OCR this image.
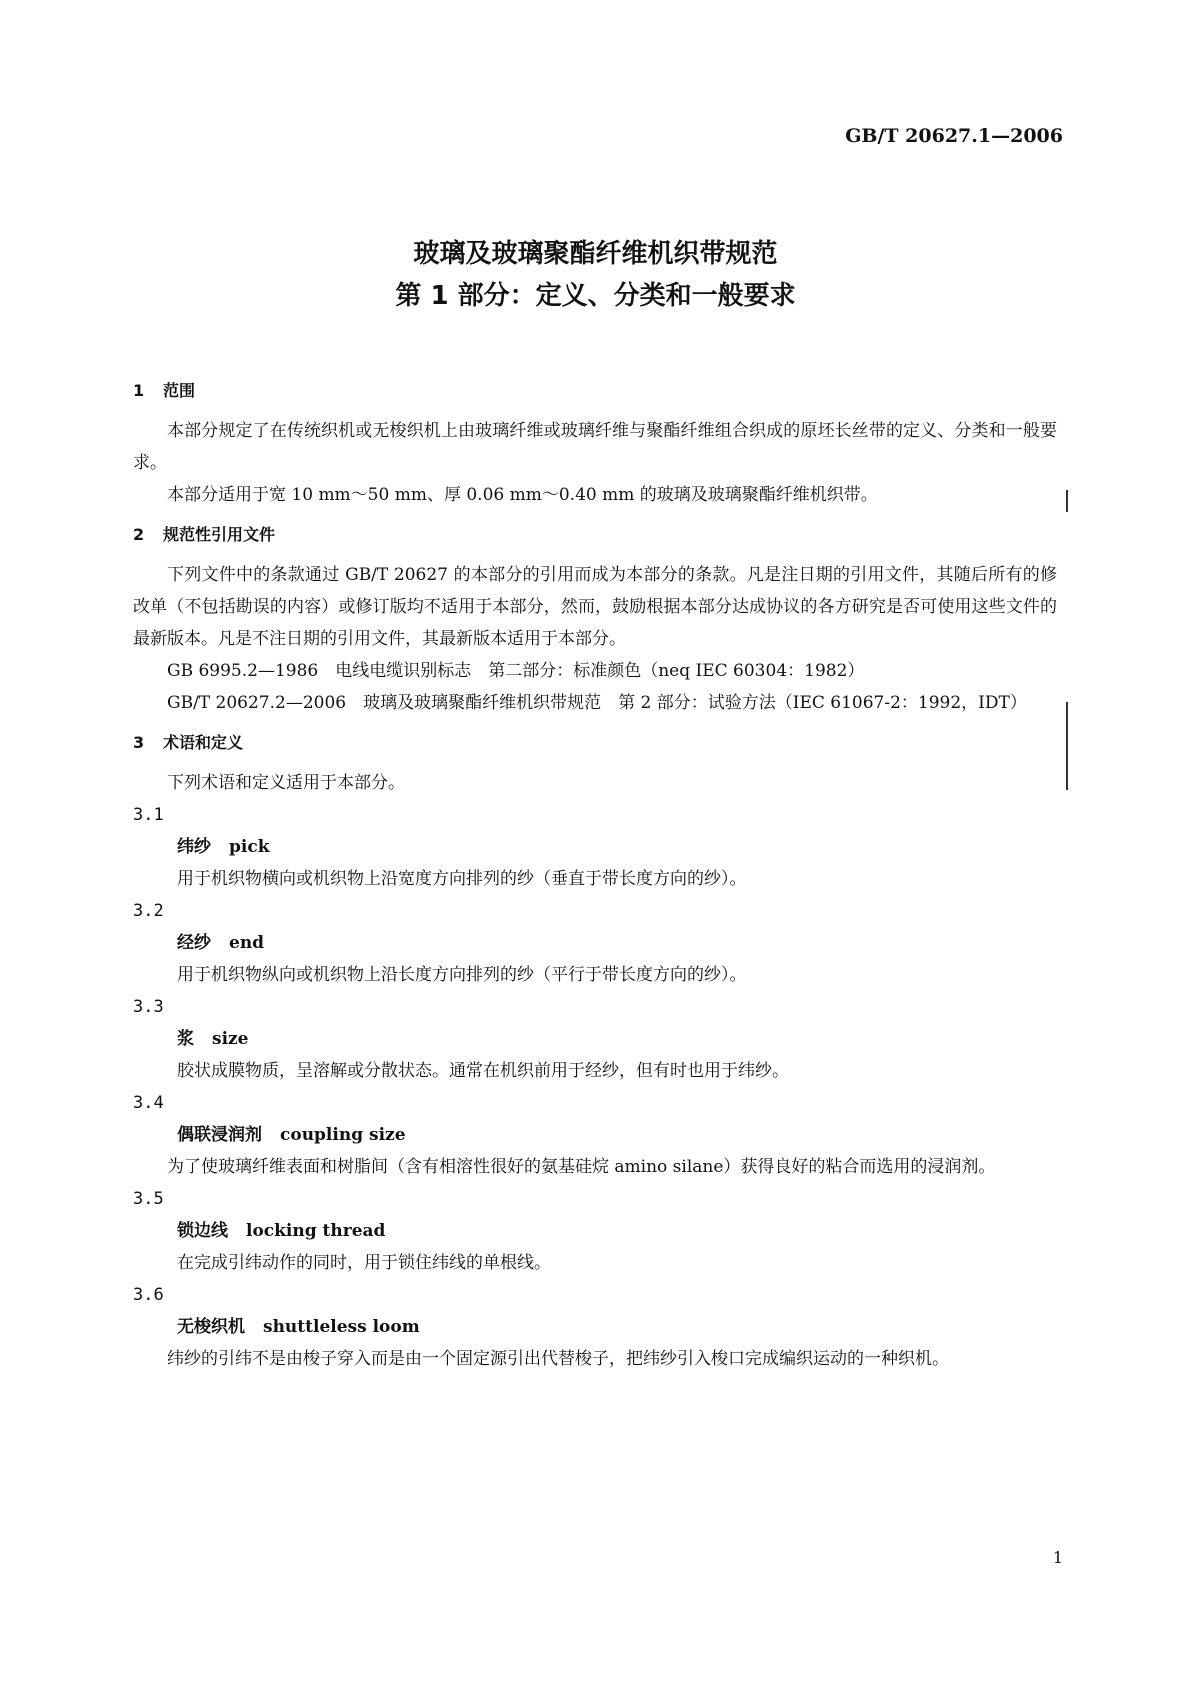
GB/T 20627.1—2006
玻璃及玻璃聚酯纤维机织带规范
第 1 部分：定义、分类和一般要求

1 范围

本部分规定了在传统织机或无梭织机上由玻璃纤维或玻璃纤维与聚酯纤维组合织成的原坯长丝带的定义、分类和一般要求。

本部分适用于宽 10 mm～50 mm、厚 0.06 mm～0.40 mm 的玻璃及玻璃聚酯纤维机织带。

2 规范性引用文件

下列文件中的条款通过 GB/T 20627 的本部分的引用而成为本部分的条款。凡是注日期的引用文件，其随后所有的修改单（不包括勘误的内容）或修订版均不适用于本部分，然而，鼓励根据本部分达成协议的各方研究是否可使用这些文件的最新版本。凡是不注日期的引用文件，其最新版本适用于本部分。

GB 6995.2—1986　电线电缆识别标志　第二部分：标准颜色（neq IEC 60304：1982）

GB/T 20627.2—2006　玻璃及玻璃聚酯纤维机织带规范　第 2 部分：试验方法（IEC 61067-2：1992，IDT）

3 术语和定义

下列术语和定义适用于本部分。

3.1

纬纱 pick

用于机织物横向或机织物上沿宽度方向排列的纱（垂直于带长度方向的纱）。

3.2

经纱 end

用于机织物纵向或机织物上沿长度方向排列的纱（平行于带长度方向的纱）。

3.3

浆 size

胶状成膜物质，呈溶解或分散状态。通常在机织前用于经纱，但有时也用于纬纱。

3.4

偶联浸润剂 coupling size

为了使玻璃纤维表面和树脂间（含有相溶性很好的氨基硅烷 amino silane）获得良好的粘合而选用的浸润剂。

3.5

锁边线 locking thread

在完成引纬动作的同时，用于锁住纬线的单根线。

3.6

无梭织机 shuttleless loom

纬纱的引纬不是由梭子穿入而是由一个固定源引出代替梭子，把纬纱引入梭口完成编织运动的一种织机。

1
